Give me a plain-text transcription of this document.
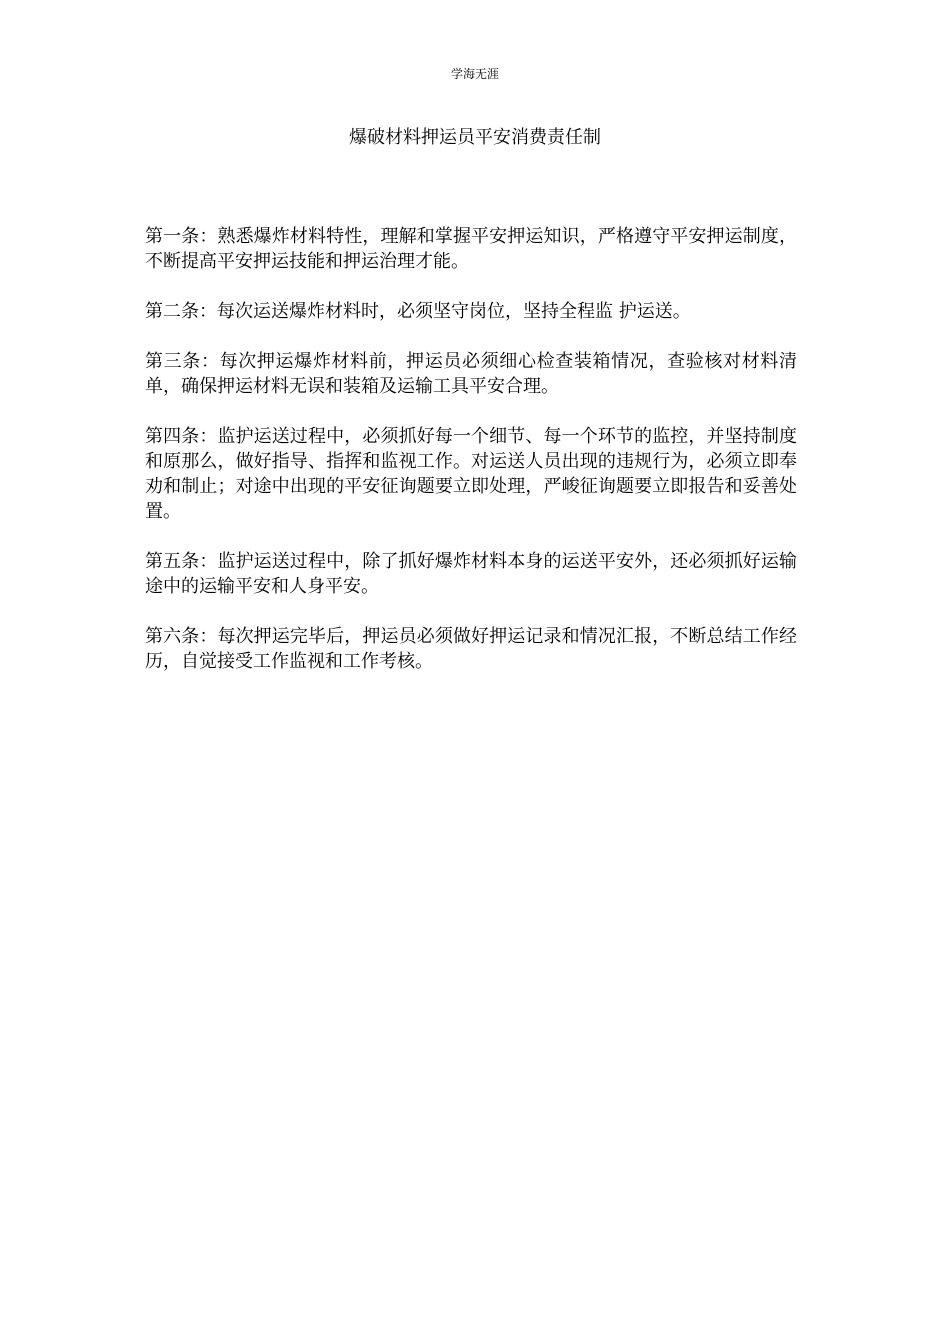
学海无涯
爆破材料押运员平安消费责任制

第一条：熟悉爆炸材料特性，理解和掌握平安押运知识，严格遵守平安押运制度，不断提高平安押运技能和押运治理才能。

第二条：每次运送爆炸材料时，必须坚守岗位，坚持全程监 护运送。

第三条：每次押运爆炸材料前，押运员必须细心检查装箱情况，查验核对材料清单，确保押运材料无误和装箱及运输工具平安合理。

第四条：监护运送过程中，必须抓好每一个细节、每一个环节的监控，并坚持制度和原那么，做好指导、指挥和监视工作。对运送人员出现的违规行为，必须立即奉劝和制止；对途中出现的平安征询题要立即处理，严峻征询题要立即报告和妥善处置。

第五条：监护运送过程中，除了抓好爆炸材料本身的运送平安外，还必须抓好运输途中的运输平安和人身平安。

第六条：每次押运完毕后，押运员必须做好押运记录和情况汇报，不断总结工作经历，自觉接受工作监视和工作考核。
